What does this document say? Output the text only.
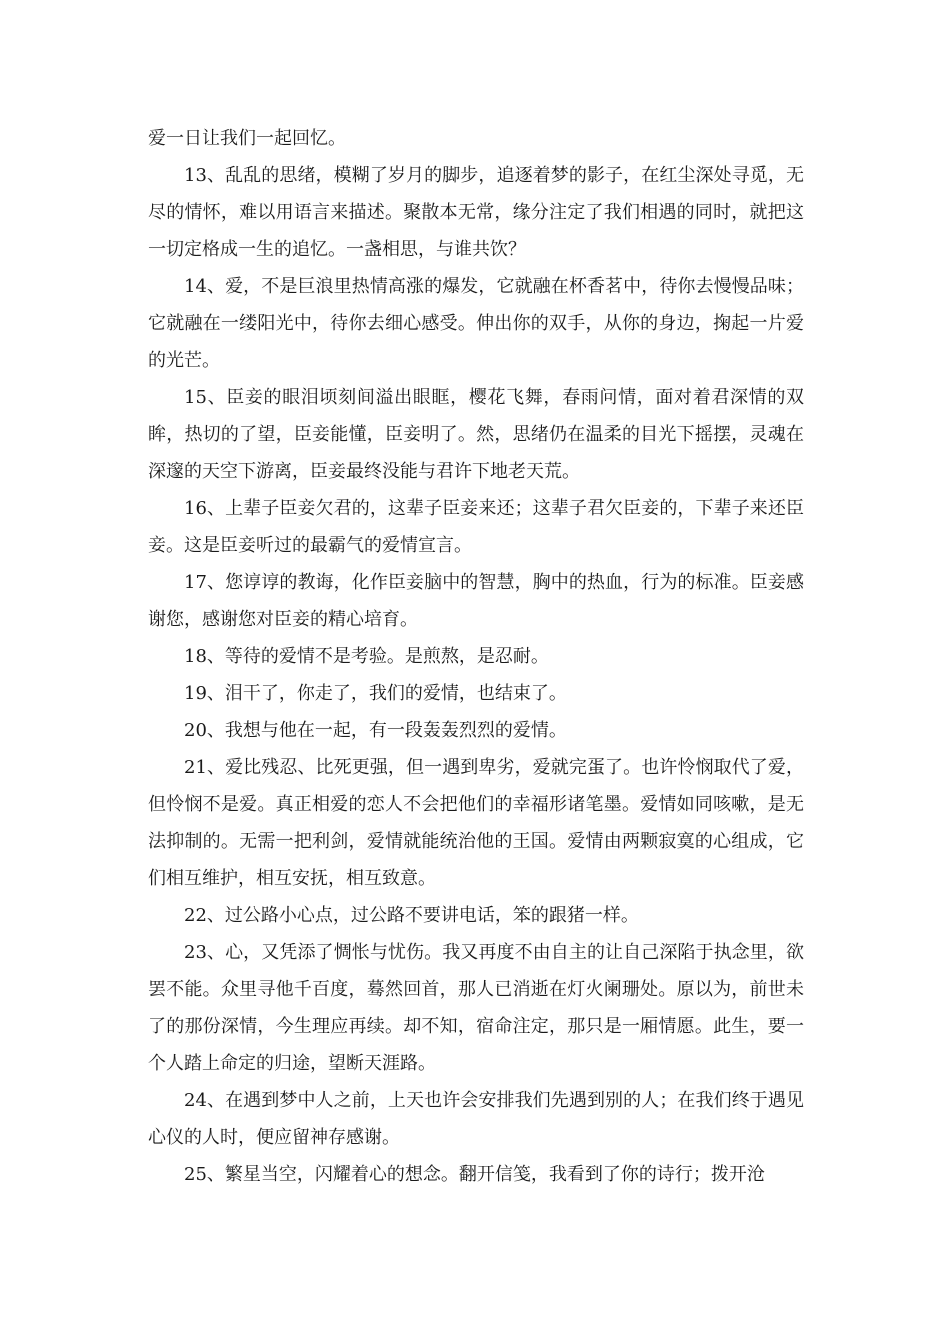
爱一日让我们一起回忆。

13、乱乱的思绪，模糊了岁月的脚步，追逐着梦的影子，在红尘深处寻觅，无尽的情怀，难以用语言来描述。聚散本无常，缘分注定了我们相遇的同时，就把这一切定格成一生的追忆。一盏相思，与谁共饮？

14、爱，不是巨浪里热情高涨的爆发，它就融在杯香茗中，待你去慢慢品味；它就融在一缕阳光中，待你去细心感受。伸出你的双手，从你的身边，掬起一片爱的光芒。

15、臣妾的眼泪顷刻间溢出眼眶，樱花飞舞，春雨问情，面对着君深情的双眸，热切的了望，臣妾能懂，臣妾明了。然，思绪仍在温柔的目光下摇摆，灵魂在深邃的天空下游离，臣妾最终没能与君许下地老天荒。

16、上辈子臣妾欠君的，这辈子臣妾来还；这辈子君欠臣妾的，下辈子来还臣妾。这是臣妾听过的最霸气的爱情宣言。

17、您谆谆的教诲，化作臣妾脑中的智慧，胸中的热血，行为的标准。臣妾感谢您，感谢您对臣妾的精心培育。

18、等待的爱情不是考验。是煎熬，是忍耐。

19、泪干了，你走了，我们的爱情，也结束了。

20、我想与他在一起，有一段轰轰烈烈的爱情。

21、爱比残忍、比死更强，但一遇到卑劣，爱就完蛋了。也许怜悯取代了爱，但怜悯不是爱。真正相爱的恋人不会把他们的幸福形诸笔墨。爱情如同咳嗽，是无法抑制的。无需一把利剑，爱情就能统治他的王国。爱情由两颗寂寞的心组成，它们相互维护，相互安抚，相互致意。

22、过公路小心点，过公路不要讲电话，笨的跟猪一样。

23、心，又凭添了惆怅与忧伤。我又再度不由自主的让自己深陷于执念里，欲罢不能。众里寻他千百度，蓦然回首，那人已消逝在灯火阑珊处。原以为，前世未了的那份深情，今生理应再续。却不知，宿命注定，那只是一厢情愿。此生，要一个人踏上命定的归途，望断天涯路。

24、在遇到梦中人之前，上天也许会安排我们先遇到别的人；在我们终于遇见心仪的人时，便应留神存感谢。

25、繁星当空，闪耀着心的想念。翻开信笺，我看到了你的诗行；拨开沧
